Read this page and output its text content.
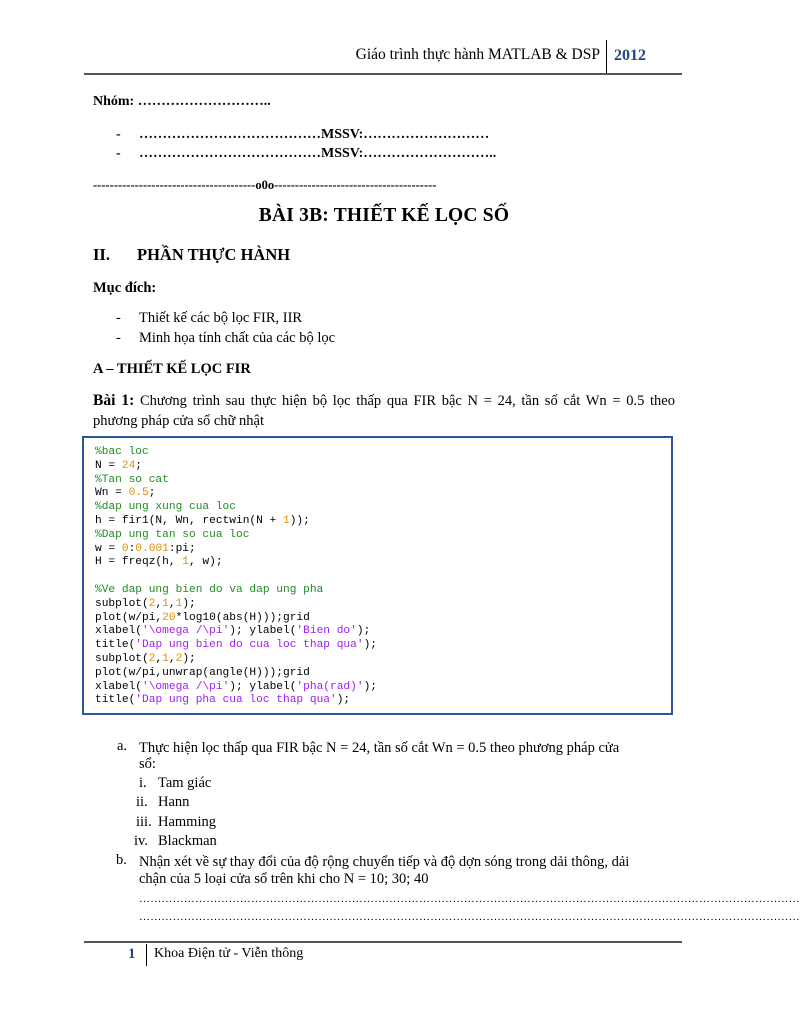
Giáo trình thực hành MATLAB & DSP 2012
Nhóm: ………………………..
- …………………………………MSSV:………………………
- …………………………………MSSV:………………………..
---------------------------------------o0o---------------------------------------
BÀI 3B: THIẾT KẾ LỌC SỐ
II. PHẦN THỰC HÀNH
Mục đích:
- Thiết kế các bộ lọc FIR, IIR
- Minh họa tính chất của các bộ lọc
A – THIẾT KẾ LỌC FIR
Bài 1: Chương trình sau thực hiện bộ lọc thấp qua FIR bậc N = 24, tần số cắt Wn = 0.5 theo phương pháp cửa sổ chữ nhật
%bac loc
N = 24;
%Tan so cat
Wn = 0.5;
%dap ung xung cua loc
h = fir1(N, Wn, rectwin(N + 1));
%Dap ung tan so cua loc
w = 0:0.001:pi;
H = freqz(h, 1, w);
%Ve dap ung bien do va dap ung pha
subplot(2,1,1);
plot(w/pi,20*log10(abs(H)));grid
xlabel('\omega /\pi'); ylabel('Bien do');
title('Dap ung bien do cua loc thap qua');
subplot(2,1,2);
plot(w/pi,unwrap(angle(H)));grid
xlabel('\omega /\pi'); ylabel('pha(rad)');
title('Dap ung pha cua loc thap qua');
a. Thực hiện lọc thấp qua FIR bậc N = 24, tần số cắt Wn = 0.5 theo phương pháp cửa
sổ:
i. Tam giác
ii. Hann
iii. Hamming
iv. Blackman
b. Nhận xét về sự thay đổi của độ rộng chuyển tiếp và độ dợn sóng trong dải thông, dải
chận của 5 loại cửa sổ trên khi cho N = 10; 30; 40
……………………………………………………………………………………………………………………………………………………………
……………………………………………………………………………………………………………………………………………………………
1 Khoa Điện tử - Viễn thông
